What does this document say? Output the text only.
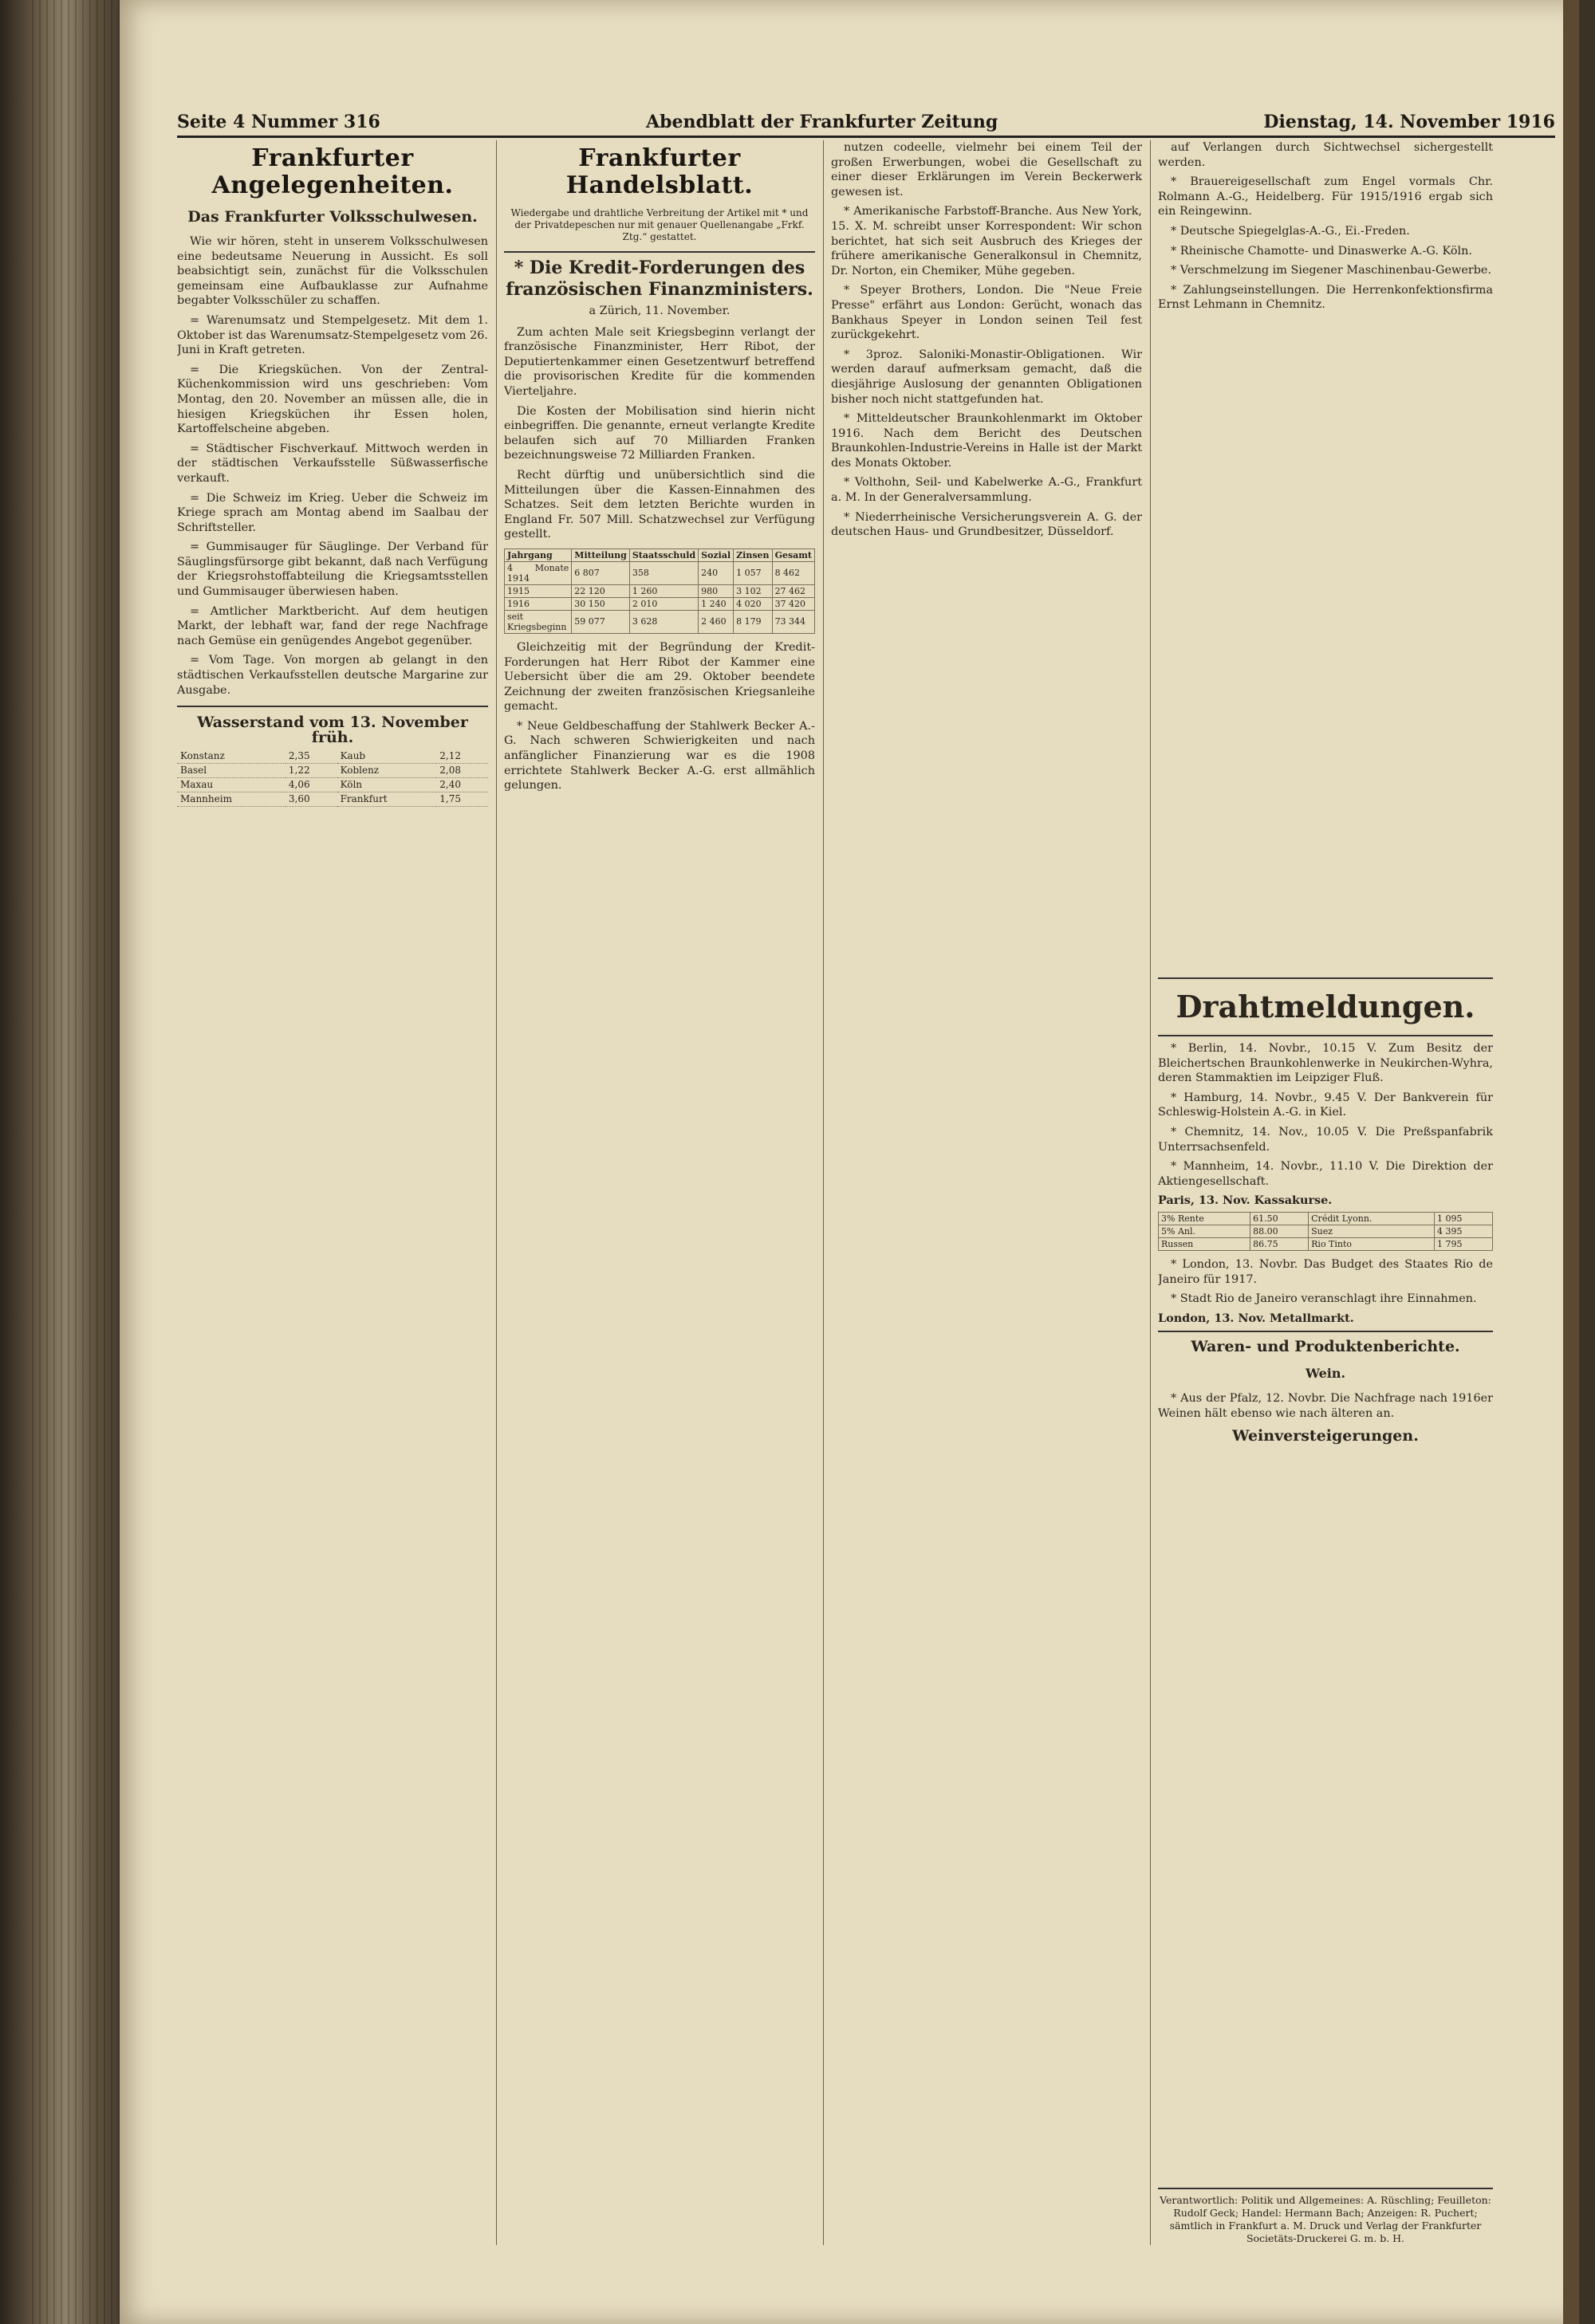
Seite 4 Nummer 316	Abendblatt der Frankfurter Zeitung	Dienstag, 14. November 1916
Frankfurter Angelegenheiten.
Das Frankfurter Volksschulwesen.

Wie wir hören, steht in unserem Volksschulwesen eine bedeutsame Neuerung in Aussicht. Es soll beabsichtigt sein, zunächst für die Volksschulen gemeinsam eine Aufbauklasse zur Aufnahme begabter Volksschüler zu schaffen.

= Warenumsatz und Stempelgesetz. Mit dem 1. Oktober ist das Warenumsatz-Stempelgesetz vom 26. Juni in Kraft getreten.

= Die Kriegsküchen. Von der Zentral-Küchenkommission wird uns geschrieben: Vom Montag, den 20. November an müssen alle, die in hiesigen Kriegsküchen ihr Essen holen, Kartoffelscheine abgeben.

= Städtischer Fischverkauf. Mittwoch werden in der städtischen Verkaufsstelle Süßwasserfische verkauft.

= Die Schweiz im Krieg. Ueber die Schweiz im Kriege sprach am Montag abend im Saalbau der Schriftsteller.

= Gummisauger für Säuglinge. Der Verband für Säuglingsfürsorge gibt bekannt, daß nach Verfügung der Kriegsrohstoffabteilung die Kriegsamtsstellen und Gummisauger überwiesen haben.

= Amtlicher Marktbericht. Auf dem heutigen Markt, der lebhaft war, fand der rege Nachfrage nach Gemüse ein genügendes Angebot gegenüber.

= Vom Tage. Von morgen ab gelangt in den städtischen Verkaufsstellen deutsche Margarine zur Ausgabe.

Wasserstand vom 13. November früh.
Konstanz	2,35	Kaub	2,12
Basel	1,22	Koblenz	2,08
Maxau	4,06	Köln	2,40
Mannheim	3,60	Frankfurt	1,75
Frankfurter Handelsblatt.
Wiedergabe und drahtliche Verbreitung der Artikel mit * und der Privatdepeschen nur mit genauer Quellenangabe „Frkf. Ztg.“ gestattet.
* Die Kredit-Forderungen des französischen Finanzministers.
a Zürich, 11. November.

Zum achten Male seit Kriegsbeginn verlangt der französische Finanzminister, Herr Ribot, der Deputiertenkammer einen Gesetzentwurf betreffend die provisorischen Kredite für die kommenden Vierteljahre.

Die Kosten der Mobilisation sind hierin nicht einbegriffen. Die genannte, erneut verlangte Kredite belaufen sich auf 70 Milliarden Franken bezeichnungsweise 72 Milliarden Franken.

Recht dürftig und unübersichtlich sind die Mitteilungen über die Kassen-Einnahmen des Schatzes. Seit dem letzten Berichte wurden in England Fr. 507 Mill. Schatzwechsel zur Verfügung gestellt.

Jahrgang	Mitteilung	Staatsschuld	Sozial	Zinsen	Gesamt
4 Monate 1914	6 807	358	240	1 057	8 462
1915	22 120	1 260	980	3 102	27 462
1916	30 150	2 010	1 240	4 020	37 420
seit Kriegsbeginn	59 077	3 628	2 460	8 179	73 344

Gleichzeitig mit der Begründung der Kredit-Forderungen hat Herr Ribot der Kammer eine Uebersicht über die am 29. Oktober beendete Zeichnung der zweiten französischen Kriegsanleihe gemacht.

* Neue Geldbeschaffung der Stahlwerk Becker A.-G. Nach schweren Schwierigkeiten und nach anfänglicher Finanzierung war es die 1908 errichtete Stahlwerk Becker A.-G. erst allmählich gelungen.

nutzen codeelle, vielmehr bei einem Teil der großen Erwerbungen, wobei die Gesellschaft zu einer dieser Erklärungen im Verein Beckerwerk gewesen ist.

* Amerikanische Farbstoff-Branche. Aus New York, 15. X. M. schreibt unser Korrespondent: Wir schon berichtet, hat sich seit Ausbruch des Krieges der frühere amerikanische Generalkonsul in Chemnitz, Dr. Norton, ein Chemiker, Mühe gegeben.

* Speyer Brothers, London. Die "Neue Freie Presse" erfährt aus London: Gerücht, wonach das Bankhaus Speyer in London seinen Teil fest zurückgekehrt.

* 3proz. Saloniki-Monastir-Obligationen. Wir werden darauf aufmerksam gemacht, daß die diesjährige Auslosung der genannten Obligationen bisher noch nicht stattgefunden hat.

* Mitteldeutscher Braunkohlenmarkt im Oktober 1916. Nach dem Bericht des Deutschen Braunkohlen-Industrie-Vereins in Halle ist der Markt des Monats Oktober.

* Volthohn, Seil- und Kabelwerke A.-G., Frankfurt a. M. In der Generalversammlung.

* Niederrheinische Versicherungsverein A. G. der deutschen Haus- und Grundbesitzer, Düsseldorf.

auf Verlangen durch Sichtwechsel sichergestellt werden.

* Brauereigesellschaft zum Engel vormals Chr. Rolmann A.-G., Heidelberg. Für 1915/1916 ergab sich ein Reingewinn.

* Deutsche Spiegelglas-A.-G., Ei.-Freden.

* Rheinische Chamotte- und Dinaswerke A.-G. Köln.

* Verschmelzung im Siegener Maschinenbau-Gewerbe.

* Zahlungseinstellungen. Die Herrenkonfektionsfirma Ernst Lehmann in Chemnitz.

Drahtmeldungen.

* Berlin, 14. Novbr., 10.15 V. Zum Besitz der Bleichertschen Braunkohlenwerke in Neukirchen-Wyhra, deren Stammaktien im Leipziger Fluß.

* Hamburg, 14. Novbr., 9.45 V. Der Bankverein für Schleswig-Holstein A.-G. in Kiel.

* Chemnitz, 14. Nov., 10.05 V. Die Preßspanfabrik Unterrsachsenfeld.

* Mannheim, 14. Novbr., 11.10 V. Die Direktion der Aktiengesellschaft.

Paris, 13. Nov. Kassakurse.
3% Rente	61.50	Crédit Lyonn.	1 095
5% Anl.	88.00	Suez	4 395
Russen	86.75	Rio Tinto	1 795

* London, 13. Novbr. Das Budget des Staates Rio de Janeiro für 1917.

* Stadt Rio de Janeiro veranschlagt ihre Einnahmen.

London, 13. Nov. Metallmarkt.
Waren- und Produktenberichte.
Wein.

* Aus der Pfalz, 12. Novbr. Die Nachfrage nach 1916er Weinen hält ebenso wie nach älteren an.

Weinversteigerungen.
Verantwortlich: Politik und Allgemeines: A. Rüschling; Feuilleton: Rudolf Geck; Handel: Hermann Bach; Anzeigen: R. Puchert; sämtlich in Frankfurt a. M. Druck und Verlag der Frankfurter Societäts-Druckerei G. m. b. H.
